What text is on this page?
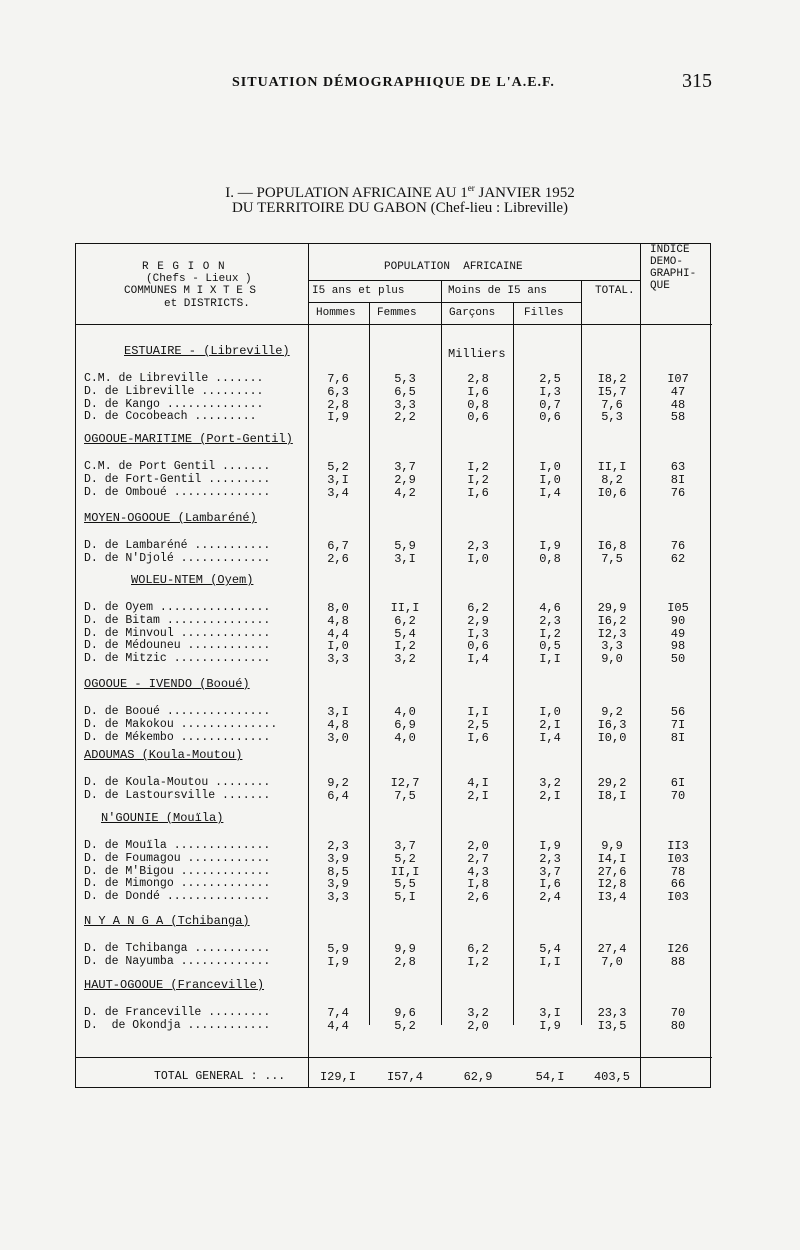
SITUATION DÉMOGRAPHIQUE DE L'A.E.F.	315
I. — POPULATION AFRICAINE AU 1er JANVIER 1952
DU TERRITOIRE DU GABON (Chef-lieu : Libreville)
R E G I O N
(Chefs - Lieux )
COMMUNES M I X T E S
et DISTRICTS.
POPULATION  AFRICAINE
I5 ans et plus	Moins de I5 ans	TOTAL.
Hommes Femmes	Garçons	Filles
INDICE
DEMO-
GRAPHI-
QUE
Milliers
ESTUAIRE - (Libreville)
C.M. de Libreville .......	7,6	5,3	2,8	2,5	I8,2	I07
D. de Libreville .........	6,3	6,5	I,6	I,3	I5,7	47
D. de Kango ..............	2,8	3,3	0,8	0,7	7,6	48
D. de Cocobeach .........	I,9	2,2	0,6	0,6	5,3	58
OGOOUE-MARITIME (Port-Gentil)
C.M. de Port Gentil .......	5,2	3,7	I,2	I,0	II,I	63
D. de Fort-Gentil .........	3,I	2,9	I,2	I,0	8,2	8I
D. de Omboué ..............	3,4	4,2	I,6	I,4	I0,6	76
MOYEN-OGOOUE (Lambaréné)
D. de Lambaréné ...........	6,7	5,9	2,3	I,9	I6,8	76
D. de N'Djolé .............	2,6	3,I	I,0	0,8	7,5	62
WOLEU-NTEM (Oyem)
D. de Oyem ................	8,0	II,I	6,2	4,6	29,9	I05
D. de Bitam ...............	4,8	6,2	2,9	2,3	I6,2	90
D. de Minvoul .............	4,4	5,4	I,3	I,2	I2,3	49
D. de Médouneu ............	I,0	I,2	0,6	0,5	3,3	98
D. de Mitzic ..............	3,3	3,2	I,4	I,I	9,0	50
OGOOUE - IVENDO (Booué)
D. de Booué ...............	3,I	4,0	I,I	I,0	9,2	56
D. de Makokou ..............	4,8	6,9	2,5	2,I	I6,3	7I
D. de Mékembo .............	3,0	4,0	I,6	I,4	I0,0	8I
ADOUMAS (Koula-Moutou)
D. de Koula-Moutou ........	9,2	I2,7	4,I	3,2	29,2	6I
D. de Lastoursville .......	6,4	7,5	2,I	2,I	I8,I	70
N'GOUNIE (Mouïla)
D. de Mouïla ..............	2,3	3,7	2,0	I,9	9,9	II3
D. de Foumagou ............	3,9	5,2	2,7	2,3	I4,I	I03
D. de M'Bigou .............	8,5	II,I	4,3	3,7	27,6	78
D. de Mimongo .............	3,9	5,5	I,8	I,6	I2,8	66
D. de Dondé ...............	3,3	5,I	2,6	2,4	I3,4	I03
N Y A N G A (Tchibanga)
D. de Tchibanga ...........	5,9	9,9	6,2	5,4	27,4	I26
D. de Nayumba .............	I,9	2,8	I,2	I,I	7,0	88
HAUT-OGOOUE (Franceville)
D. de Franceville .........	7,4	9,6	3,2	3,I	23,3	70
D.  de Okondja ............	4,4	5,2	2,0	I,9	I3,5	80
TOTAL GENERAL : ...	I29,I	I57,4	62,9	54,I	403,5
